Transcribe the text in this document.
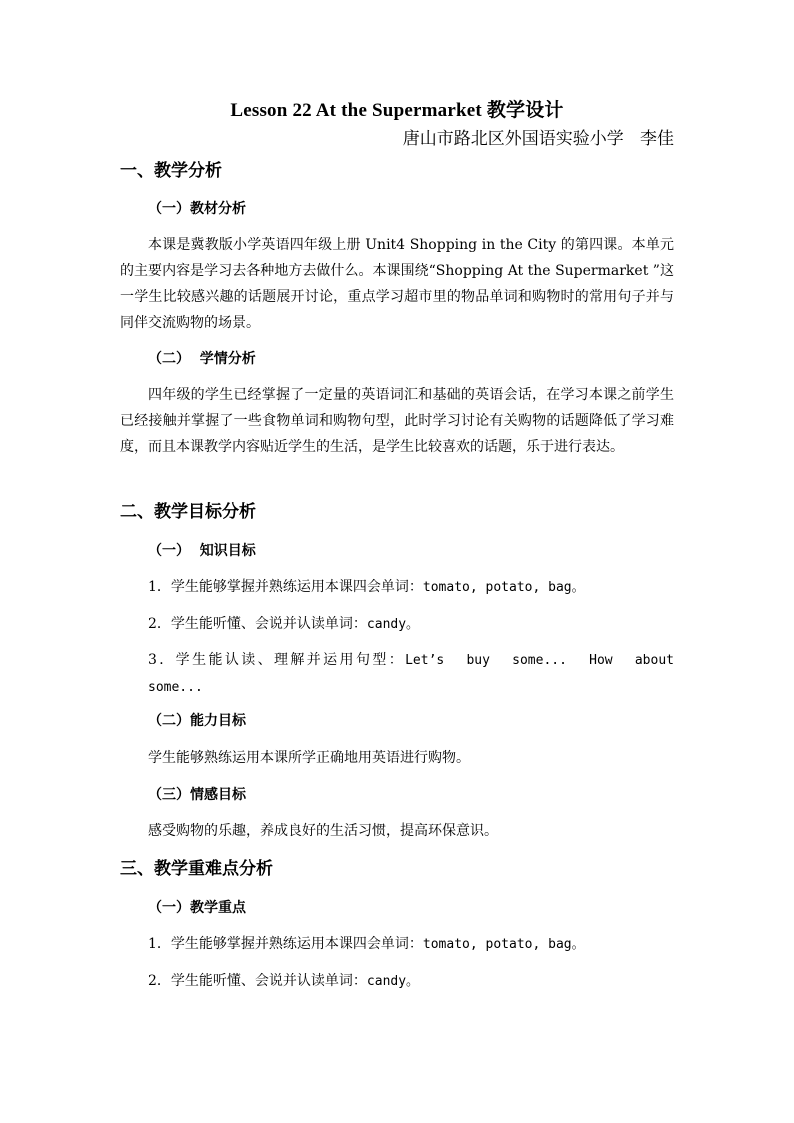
Lesson 22 At the Supermarket 教学设计
唐山市路北区外国语实验小学   李佳
一、教学分析
（一）教材分析
本课是冀教版小学英语四年级上册 Unit4 Shopping in the City 的第四课。本单元的主要内容是学习去各种地方去做什么。本课围绕“Shopping At the Supermarket ”这一学生比较感兴趣的话题展开讨论，重点学习超市里的物品单词和购物时的常用句子并与同伴交流购物的场景。
（二）  学情分析
四年级的学生已经掌握了一定量的英语词汇和基础的英语会话，在学习本课之前学生已经接触并掌握了一些食物单词和购物句型，此时学习讨论有关购物的话题降低了学习难度，而且本课教学内容贴近学生的生活，是学生比较喜欢的话题，乐于进行表达。
二、教学目标分析
（一）  知识目标
1．学生能够掌握并熟练运用本课四会单词：tomato, potato, bag。
2．学生能听懂、会说并认读单词：candy。
3．学生能认读、理解并运用句型：Let’s buy some... How about some...
（二）能力目标
学生能够熟练运用本课所学正确地用英语进行购物。
（三）情感目标
感受购物的乐趣，养成良好的生活习惯，提高环保意识。
三、教学重难点分析
（一）教学重点
1．学生能够掌握并熟练运用本课四会单词：tomato, potato, bag。
2．学生能听懂、会说并认读单词：candy。
